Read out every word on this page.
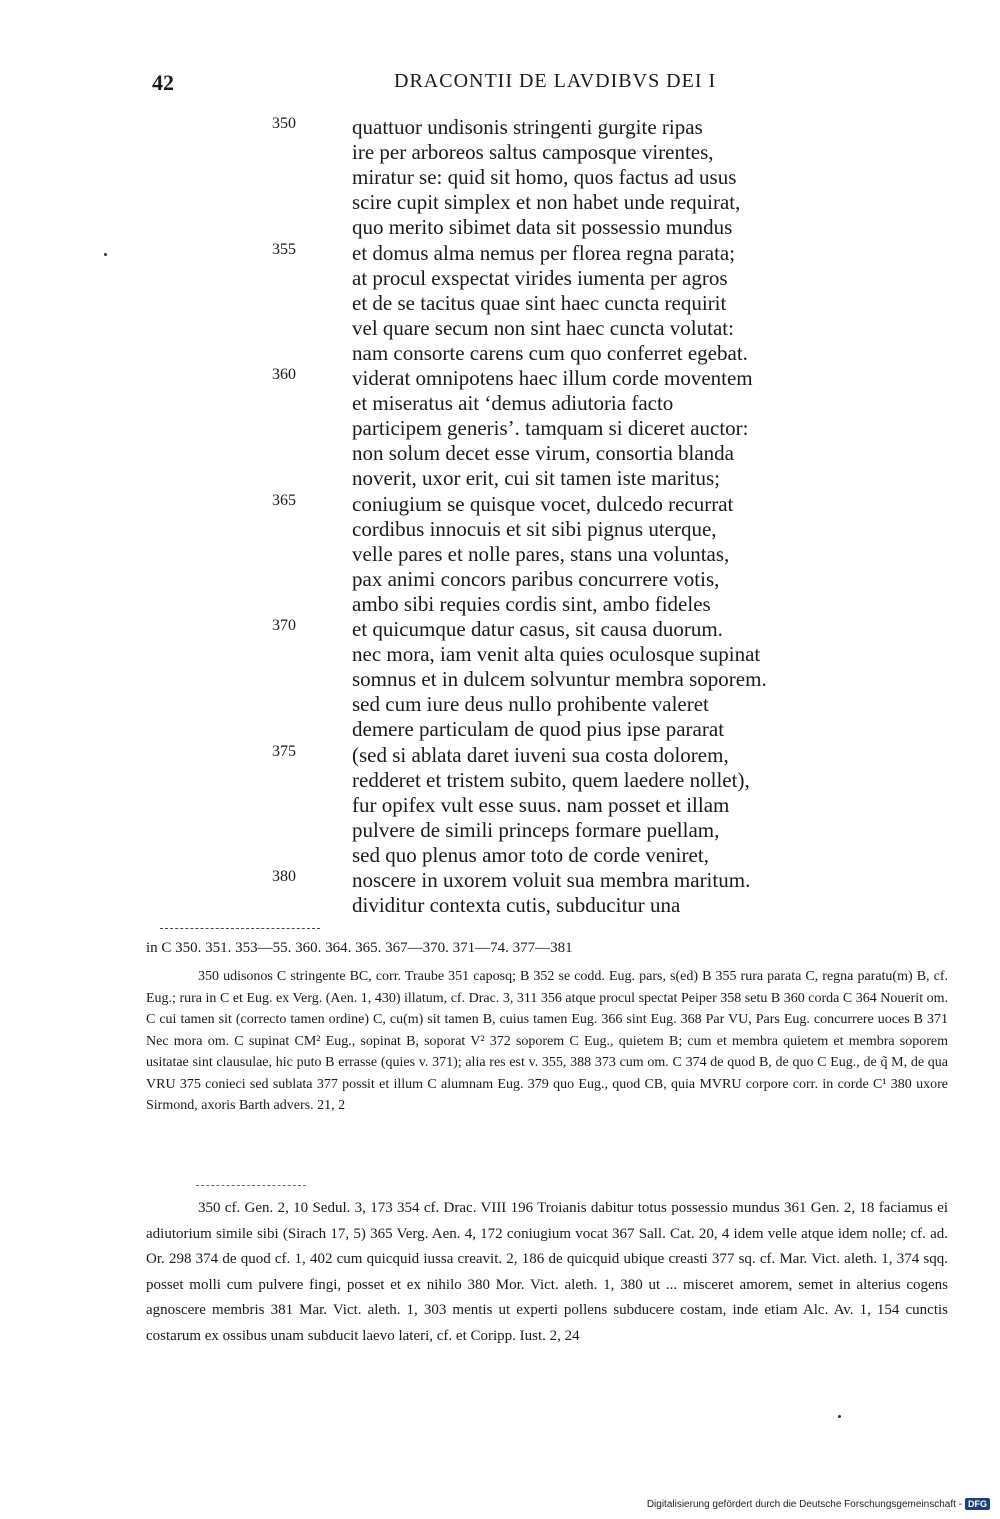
42	DRACONTII DE LAVDIBVS DEI I
quattuor undisonis stringenti gurgite ripas
350
ire per arboreos saltus camposque virentes,
miratur se: quid sit homo, quos factus ad usus
scire cupit simplex et non habet unde requirat,
quo merito sibimet data sit possessio mundus
et domus alma nemus per florea regna parata;
355
at procul exspectat virides iumenta per agros
et de se tacitus quae sint haec cuncta requirit
vel quare secum non sint haec cuncta volutat:
nam consorte carens cum quo conferret egebat.
viderat omnipotens haec illum corde moventem
360
et miseratus ait ‘demus adiutoria facto
participem generis’. tamquam si diceret auctor:
non solum decet esse virum, consortia blanda
noverit, uxor erit, cui sit tamen iste maritus;
coniugium se quisque vocet, dulcedo recurrat
365
cordibus innocuis et sit sibi pignus uterque,
velle pares et nolle pares, stans una voluntas,
pax animi concors paribus concurrere votis,
ambo sibi requies cordis sint, ambo fideles
et quicumque datur casus, sit causa duorum.
370
nec mora, iam venit alta quies oculosque supinat
somnus et in dulcem solvuntur membra soporem.
sed cum iure deus nullo prohibente valeret
demere particulam de quod pius ipse pararat
(sed si ablata daret iuveni sua costa dolorem,
375
redderet et tristem subito, quem laedere nollet),
fur opifex vult esse suus. nam posset et illam
pulvere de simili princeps formare puellam,
sed quo plenus amor toto de corde veniret,
noscere in uxorem voluit sua membra maritum.
380
dividitur contexta cutis, subducitur una
in C 350. 351. 353—55. 360. 364. 365. 367—370. 371—74. 377—381

350 udisonos C stringente BC, corr. Traube 351 caposq; B 352 se codd. Eug. pars, s(ed) B 355 rura parata C, regna paratu(m) B, cf. Eug.; rura in C et Eug. ex Verg. (Aen. 1, 430) illatum, cf. Drac. 3, 311 356 atque procul spectat Peiper 358 setu B 360 corda C 364 Nouerit om. C cui tamen sit (correcto tamen ordine) C, cu(m) sit tamen B, cuius tamen Eug. 366 sint Eug. 368 Par VU, Pars Eug. concurrere uoces B 371 Nec mora om. C supinat CM² Eug., sopinat B, soporat V² 372 soporem C Eug., quietem B; cum et membra quietem et membra soporem usitatae sint clausulae, hic puto B errasse (quies v. 371); alia res est v. 355, 388 373 cum om. C 374 de quod B, de quo C Eug., de q̃ M, de qua VRU 375 conieci sed sublata 377 possit et illum C alumnam Eug. 379 quo Eug., quod CB, quia MVRU corpore corr. in corde C¹ 380 uxore Sirmond, axoris Barth advers. 21, 2

350 cf. Gen. 2, 10 Sedul. 3, 173 354 cf. Drac. VIII 196 Troianis dabitur totus possessio mundus 361 Gen. 2, 18 faciamus ei adiutorium simile sibi (Sirach 17, 5) 365 Verg. Aen. 4, 172 coniugium vocat 367 Sall. Cat. 20, 4 idem velle atque idem nolle; cf. ad. Or. 298 374 de quod cf. 1, 402 cum quicquid iussa creavit. 2, 186 de quicquid ubique creasti 377 sq. cf. Mar. Vict. aleth. 1, 374 sqq. posset molli cum pulvere fingi, posset et ex nihilo 380 Mor. Vict. aleth. 1, 380 ut ... misceret amorem, semet in alterius cogens agnoscere membris 381 Mar. Vict. aleth. 1, 303 mentis ut experti pollens subducere costam, inde etiam Alc. Av. 1, 154 cunctis costarum ex ossibus unam subducit laevo lateri, cf. et Coripp. Iust. 2, 24

Digitalisierung gefördert durch die Deutsche Forschungsgemeinschaft - DFG
